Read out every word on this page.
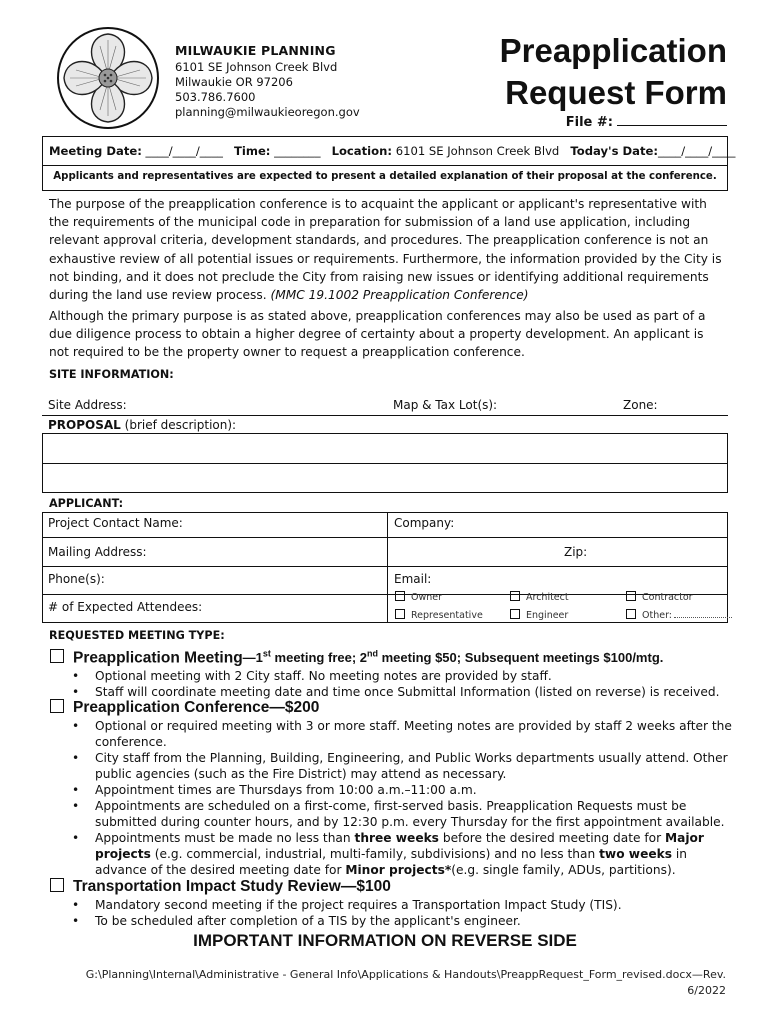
MILWAUKIE PLANNING
6101 SE Johnson Creek Blvd
Milwaukie OR 97206
503.786.7600
planning@milwaukieoregon.gov
Preapplication
Request Form
File #:
Meeting Date: ____/____/____ Time: ________ Location: 6101 SE Johnson Creek Blvd Today's Date:____/____/____
Applicants and representatives are expected to present a detailed explanation of their proposal at the conference.
The purpose of the preapplication conference is to acquaint the applicant or applicant's representative with the requirements of the municipal code in preparation for submission of a land use application, including relevant approval criteria, development standards, and procedures. The preapplication conference is not an exhaustive review of all potential issues or requirements. Furthermore, the information provided by the City is not binding, and it does not preclude the City from raising new issues or identifying additional requirements during the land use review process. (MMC 19.1002 Preapplication Conference)
Although the primary purpose is as stated above, preapplication conferences may also be used as part of a due diligence process to obtain a higher degree of certainty about a property development. An applicant is not required to be the property owner to request a preapplication conference.
SITE INFORMATION:
Site Address:	Map & Tax Lot(s):	Zone:
PROPOSAL (brief description):
APPLICANT:
Project Contact Name:	Company:
Mailing Address:	Zip:
Phone(s):	Email:
# of Expected Attendees:
Owner	Architect	Contractor
Representative	Engineer	Other:
REQUESTED MEETING TYPE:
Preapplication Meeting—1st meeting free; 2nd meeting $50; Subsequent meetings $100/mtg.
• Optional meeting with 2 City staff. No meeting notes are provided by staff.
• Staff will coordinate meeting date and time once Submittal Information (listed on reverse) is received.
Preapplication Conference—$200
• Optional or required meeting with 3 or more staff. Meeting notes are provided by staff 2 weeks after the conference.
• City staff from the Planning, Building, Engineering, and Public Works departments usually attend. Other public agencies (such as the Fire District) may attend as necessary.
• Appointment times are Thursdays from 10:00 a.m.–11:00 a.m.
• Appointments are scheduled on a first-come, first-served basis. Preapplication Requests must be submitted during counter hours, and by 12:30 p.m. every Thursday for the first appointment available.
• Appointments must be made no less than three weeks before the desired meeting date for Major projects (e.g. commercial, industrial, multi-family, subdivisions) and no less than two weeks in advance of the desired meeting date for Minor projects*(e.g. single family, ADUs, partitions).
Transportation Impact Study Review—$100
• Mandatory second meeting if the project requires a Transportation Impact Study (TIS).
• To be scheduled after completion of a TIS by the applicant's engineer.
IMPORTANT INFORMATION ON REVERSE SIDE
G:\Planning\Internal\Administrative - General Info\Applications & Handouts\PreappRequest_Form_revised.docx—Rev.
6/2022
